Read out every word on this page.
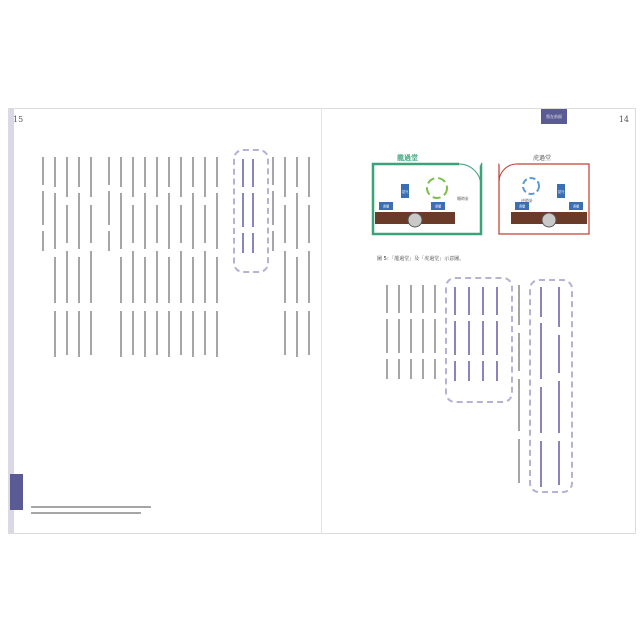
15	寫在前面	14
龍過堂
書櫃
屋外
書櫃
順時針
虎過堂
書櫃
屋外
書櫃
逆時針
圖 5：「龍過堂」及「虎過堂」示意圖。
